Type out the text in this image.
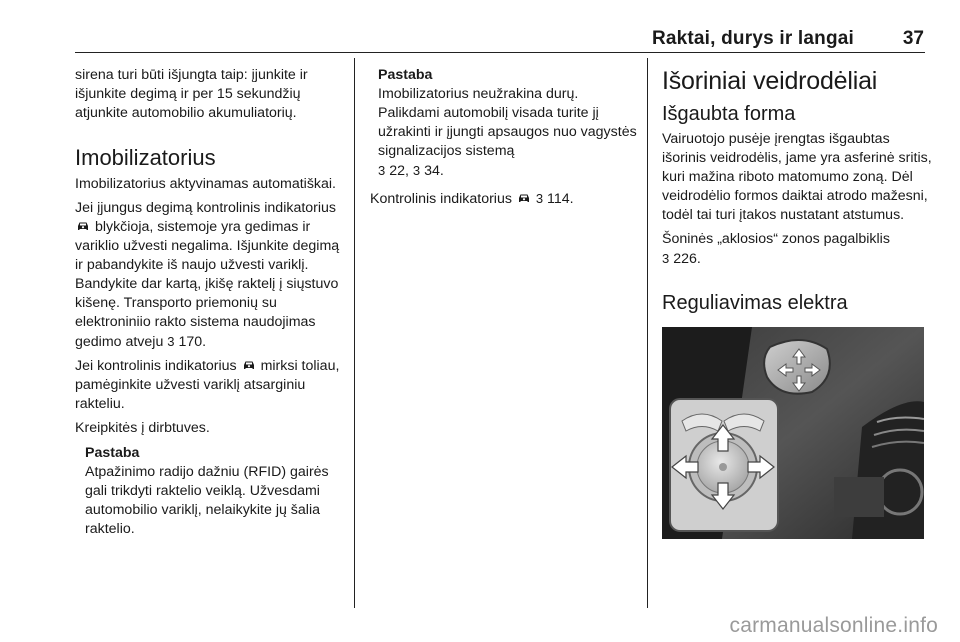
Raktai, durys ir langai	37

sirena turi būti išjungta taip: įjunkite ir išjunkite degimą ir per 15 sekundžių atjunkite automobilio akumuliatorių.

Imobilizatorius

Imobilizatorius aktyvinamas automatiškai.

Jei įjungus degimą kontrolinis indikatorius  blykčioja, sistemoje yra gedimas ir variklio užvesti negalima. Išjunkite degimą ir pabandykite iš naujo užvesti variklį. Bandykite dar kartą, įkišę raktelį į siųstuvo kišenę. Transporto priemonių su elektroniniio rakto sistema naudojimas gedimo atveju 3 170.

Jei kontrolinis indikatorius mirksi toliau, pamėginkite užvesti variklį atsarginiu rakteliu.

Kreipkitės į dirbtuves.

Pastaba

Atpažinimo radijo dažniu (RFID) gairės gali trikdyti raktelio veiklą. Užvesdami automobilio variklį, nelaikykite jų šalia raktelio.

Pastaba

Imobilizatorius neužrakina durų. Palikdami automobilį visada turite jį užrakinti ir įjungti apsaugos nuo vagystės signalizacijos sistemą
3 22, 3 34.

Kontrolinis indikatorius 3 114.

Išoriniai veidrodėliai
Išgaubta forma

Vairuotojo pusėje įrengtas išgaubtas išorinis veidrodėlis, jame yra asferinė sritis, kuri mažina riboto matomumo zoną. Dėl veidrodėlio formos daiktai atrodo mažesni, todėl tai turi įtakos nustatant atstumus.

Šoninės „aklosios“ zonos pagalbiklis
3 226.

Reguliavimas elektra
carmanualsonline.info
